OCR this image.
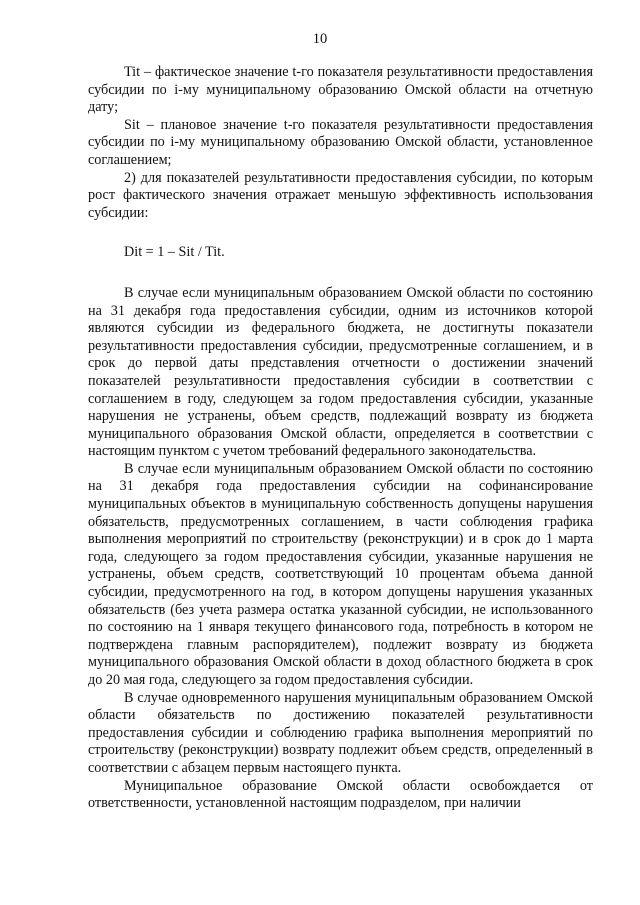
10

Tit – фактическое значение t-го показателя результативности предоставления субсидии по i-му муниципальному образованию Омской области на отчетную дату;

Sit – плановое значение t-го показателя результативности предоставления субсидии по i-му муниципальному образованию Омской области, установленное соглашением;

2) для показателей результативности предоставления субсидии, по которым рост фактического значения отражает меньшую эффективность использования субсидии:

Dit = 1 – Sit / Tit.

В случае если муниципальным образованием Омской области по состоянию на 31 декабря года предоставления субсидии, одним из источников которой являются субсидии из федерального бюджета, не достигнуты показатели результативности предоставления субсидии, предусмотренные соглашением, и в срок до первой даты представления отчетности о достижении значений показателей результативности предоставления субсидии в соответствии с соглашением в году, следующем за годом предоставления субсидии, указанные нарушения не устранены, объем средств, подлежащий возврату из бюджета муниципального образования Омской области, определяется в соответствии с настоящим пунктом с учетом требований федерального законодательства.

В случае если муниципальным образованием Омской области по состоянию на 31 декабря года предоставления субсидии на софинансирование муниципальных объектов в муниципальную собственность допущены нарушения обязательств, предусмотренных соглашением, в части соблюдения графика выполнения мероприятий по строительству (реконструкции) и в срок до 1 марта года, следующего за годом предоставления субсидии, указанные нарушения не устранены, объем средств, соответствующий 10 процентам объема данной субсидии, предусмотренного на год, в котором допущены нарушения указанных обязательств (без учета размера остатка указанной субсидии, не использованного по состоянию на 1 января текущего финансового года, потребность в котором не подтверждена главным распорядителем), подлежит возврату из бюджета муниципального образования Омской области в доход областного бюджета в срок до 20 мая года, следующего за годом предоставления субсидии.

В случае одновременного нарушения муниципальным образованием Омской области обязательств по достижению показателей результативности предоставления субсидии и соблюдению графика выполнения мероприятий по строительству (реконструкции) возврату подлежит объем средств, определенный в соответствии с абзацем первым настоящего пункта.

Муниципальное образование Омской области освобождается от ответственности, установленной настоящим подразделом, при наличии
